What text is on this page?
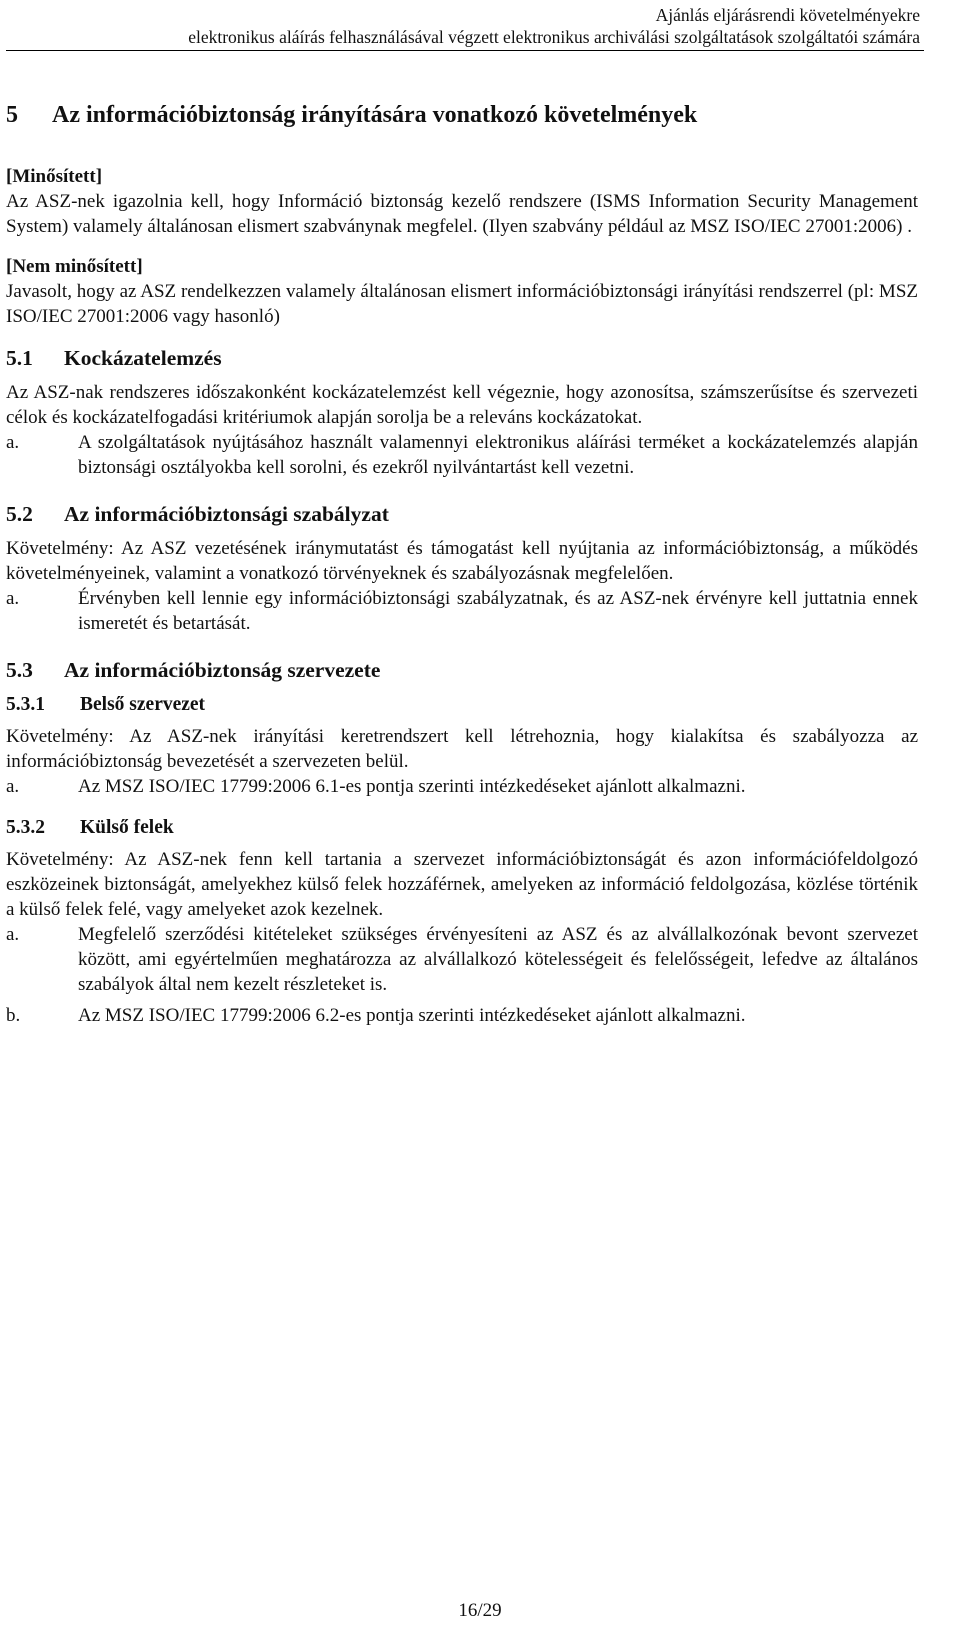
Ajánlás eljárásrendi követelményekre
elektronikus aláírás felhasználásával végzett elektronikus archiválási szolgáltatások szolgáltatói számára
5	Az információbiztonság irányítására vonatkozó követelmények

[Minősített]

Az ASZ-nek igazolnia kell, hogy Információ biztonság kezelő rendszere (ISMS Information Security Management System) valamely általánosan elismert szabványnak megfelel. (Ilyen szabvány például az MSZ ISO/IEC 27001:2006) .

[Nem minősített]

Javasolt, hogy az ASZ rendelkezzen valamely általánosan elismert információbiztonsági irányítási rendszerrel (pl: MSZ ISO/IEC 27001:2006 vagy hasonló)

5.1	Kockázatelemzés

Az ASZ-nak rendszeres időszakonként kockázatelemzést kell végeznie, hogy azonosítsa, számszerűsítse és szervezeti célok és kockázatelfogadási kritériumok alapján sorolja be a releváns kockázatokat.

a.	A szolgáltatások nyújtásához használt valamennyi elektronikus aláírási terméket a kockázatelemzés alapján biztonsági osztályokba kell sorolni, és ezekről nyilvántartást kell vezetni.
5.2	Az információbiztonsági szabályzat

Követelmény: Az ASZ vezetésének iránymutatást és támogatást kell nyújtania az információbiztonság, a működés követelményeinek, valamint a vonatkozó törvényeknek és szabályozásnak megfelelően.

a.	Érvényben kell lennie egy információbiztonsági szabályzatnak, és az ASZ-nek érvényre kell juttatnia ennek ismeretét és betartását.
5.3	Az információbiztonság szervezete
5.3.1	Belső szervezet

Követelmény: Az ASZ-nek irányítási keretrendszert kell létrehoznia, hogy kialakítsa és szabályozza az információbiztonság bevezetését a szervezeten belül.

a.	Az MSZ ISO/IEC 17799:2006 6.1-es pontja szerinti intézkedéseket ajánlott alkalmazni.
5.3.2	Külső felek

Követelmény: Az ASZ-nek fenn kell tartania a szervezet információbiztonságát és azon információfeldolgozó eszközeinek biztonságát, amelyekhez külső felek hozzáférnek, amelyeken az információ feldolgozása, közlése történik a külső felek felé, vagy amelyeket azok kezelnek.

a.	Megfelelő szerződési kitételeket szükséges érvényesíteni az ASZ és az alvállalkozónak bevont szervezet között, ami egyértelműen meghatározza az alvállalkozó kötelességeit és felelősségeit, lefedve az általános szabályok által nem kezelt részleteket is.
b.	Az MSZ ISO/IEC 17799:2006 6.2-es pontja szerinti intézkedéseket ajánlott alkalmazni.
16/29
